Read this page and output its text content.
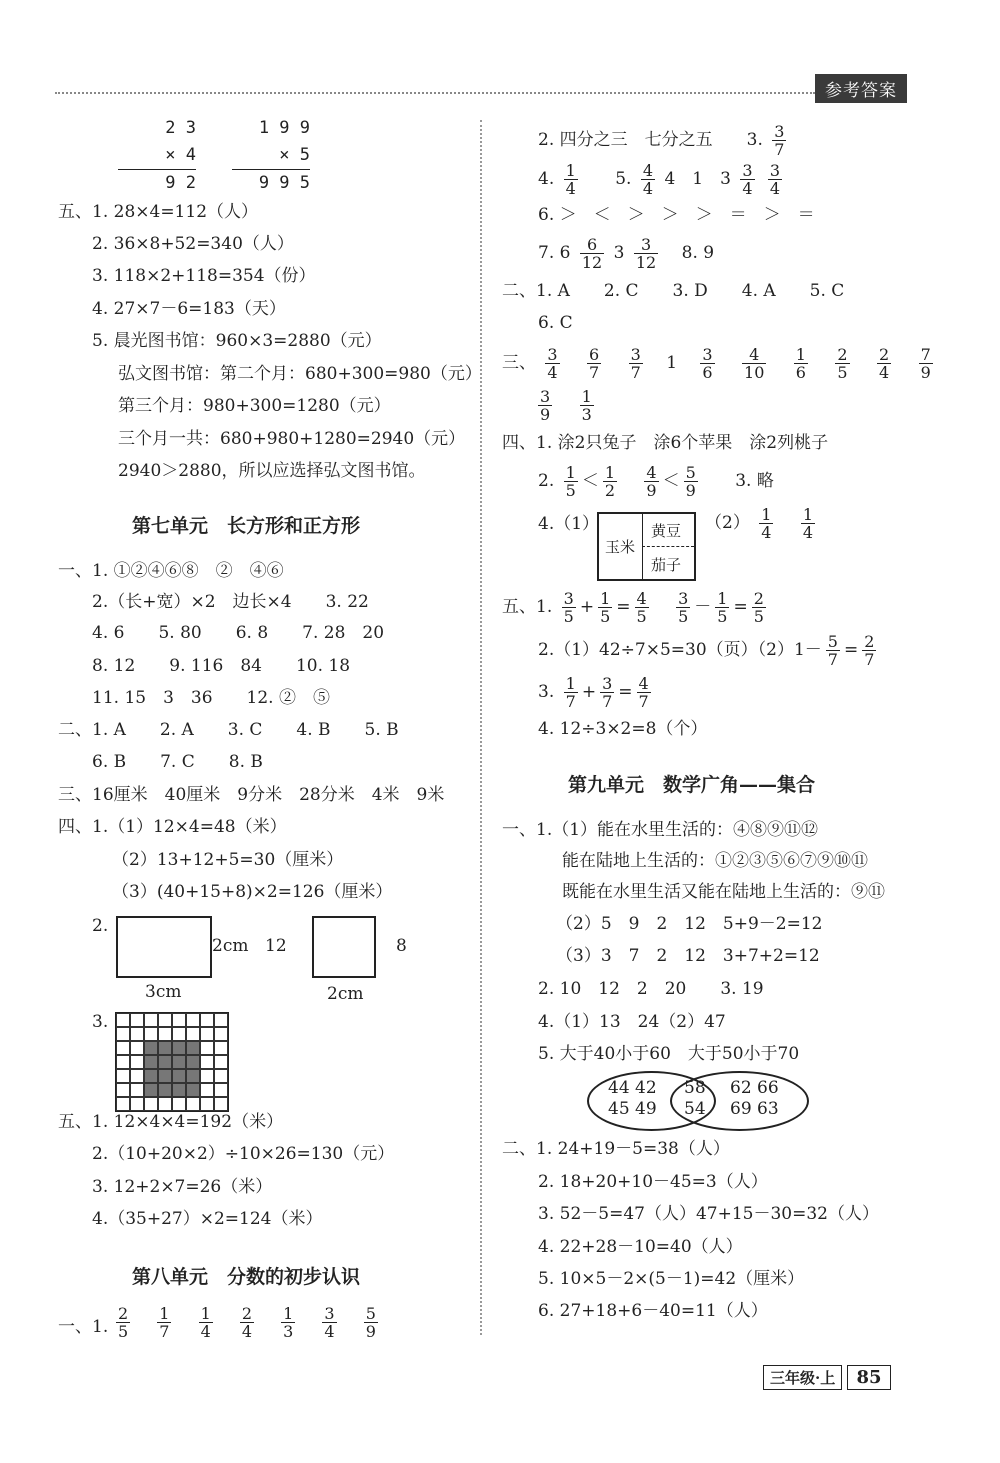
参考答案
2 3
× 4
9 2
1 9 9
× 5
9 9 5
五、1. 28×4=112（人）
2. 36×8+52=340（人）
3. 118×2+118=354（份）
4. 27×7－6=183（天）
5. 晨光图书馆：960×3=2880（元）
弘文图书馆：第二个月：680+300=980（元）
第三个月：980+300=1280（元）
三个月一共：680+980+1280=2940（元）
2940＞2880，所以应选择弘文图书馆。
第七单元　长方形和正方形
一、1. ①②④⑥⑧　②　④⑥
2.（长+宽）×2　边长×4　　3. 22
4. 6　　5. 80　　6. 8　　7. 28　20
8. 12　　9. 116　84　　10. 18
11. 15　3　36　　12. ②　⑤
二、1. A　　2. A　　3. C　　4. B　　5. B
6. B　　7. C　　8. B
三、16厘米　40厘米　9分米　28分米　4米　9米
四、1.（1）12×4=48（米）
（2）13+12+5=30（厘米）
（3）(40+15+8)×2=126（厘米）
2.
2cm 12
3cm
8
2cm
3.
五、1. 12×4×4=192（米）
2.（10+20×2）÷10×26=130（元）
3. 12+2×7=26（米）
4.（35+27）×2=124（米）
第八单元　分数的初步认识
一、1. $\frac{2}{5}$
$\frac{1}{7}$
$\frac{1}{4}$
$\frac{2}{4}$
$\frac{1}{3}$
$\frac{3}{4}$
$\frac{5}{9}$
2. 四分之三　七分之五　　3. $\frac{3}{7}$
4. $\frac{1}{4} 5$. $\frac{4}{4} 4$　1　$3 \frac{3}{4}$
$\frac{3}{4}$
6. ＞　＜　＞　＞　＞　＝　＞　＝
7. $6 \frac{6}{12} 3 \frac{3}{12} 8$. 9
二、1. A　　2. C　　3. D　　4. A　　5. C
6. C
三、 $\frac{3}{4}$
$\frac{6}{7}$
$\frac{3}{7} 1 \frac{3}{6}$
$\frac{4}{10}$
$\frac{1}{6}$
$\frac{2}{5}$
$\frac{2}{4}$
$\frac{7}{9}$
$\frac{3}{9}$
$\frac{1}{3}$
四、1. 涂2只兔子　涂6个苹果　涂2列桃子
2. $\frac{1}{5} < \frac{1}{2}$
$\frac{4}{9} < \frac{5}{9} 3$. 略
4.（1）
玉米
黄豆
茄子
$(2) \frac{1}{4}$
$\frac{1}{4}$
五、1. $\frac{3}{5} + \frac{1}{5} = \frac{4}{5}$
$\frac{3}{5} - \frac{1}{5} = \frac{2}{5}$
2.（1）42÷7×5=30（页）$(2)1- \frac{5}{7} = \frac{2}{7}$
3. $\frac{1}{7} + \frac{3}{7} = \frac{4}{7}$
4. 12÷3×2=8（个）
第九单元　数学广角——集合
一、1.（1）能在水里生活的：④⑧⑨⑪⑫
能在陆地上生活的：①②③⑤⑥⑦⑨⑩⑪
既能在水里生活又能在陆地上生活的：⑨⑪
（2）5　9　2　12　5+9－2=12
（3）3　7　2　12　3+7+2=12
2. 10　12　2　20　　3. 19
4.（1）13　24（2）47
5. 大于40小于60　大于50小于70
44 42
45 49
58
54
62 66
69 63
二、1. 24+19－5=38（人）
2. 18+20+10－45=3（人）
3. 52－5=47（人）47+15－30=32（人）
4. 22+28－10=40（人）
5. 10×5－2×(5－1)=42（厘米）
6. 27+18+6－40=11（人）
三年级·上 85
